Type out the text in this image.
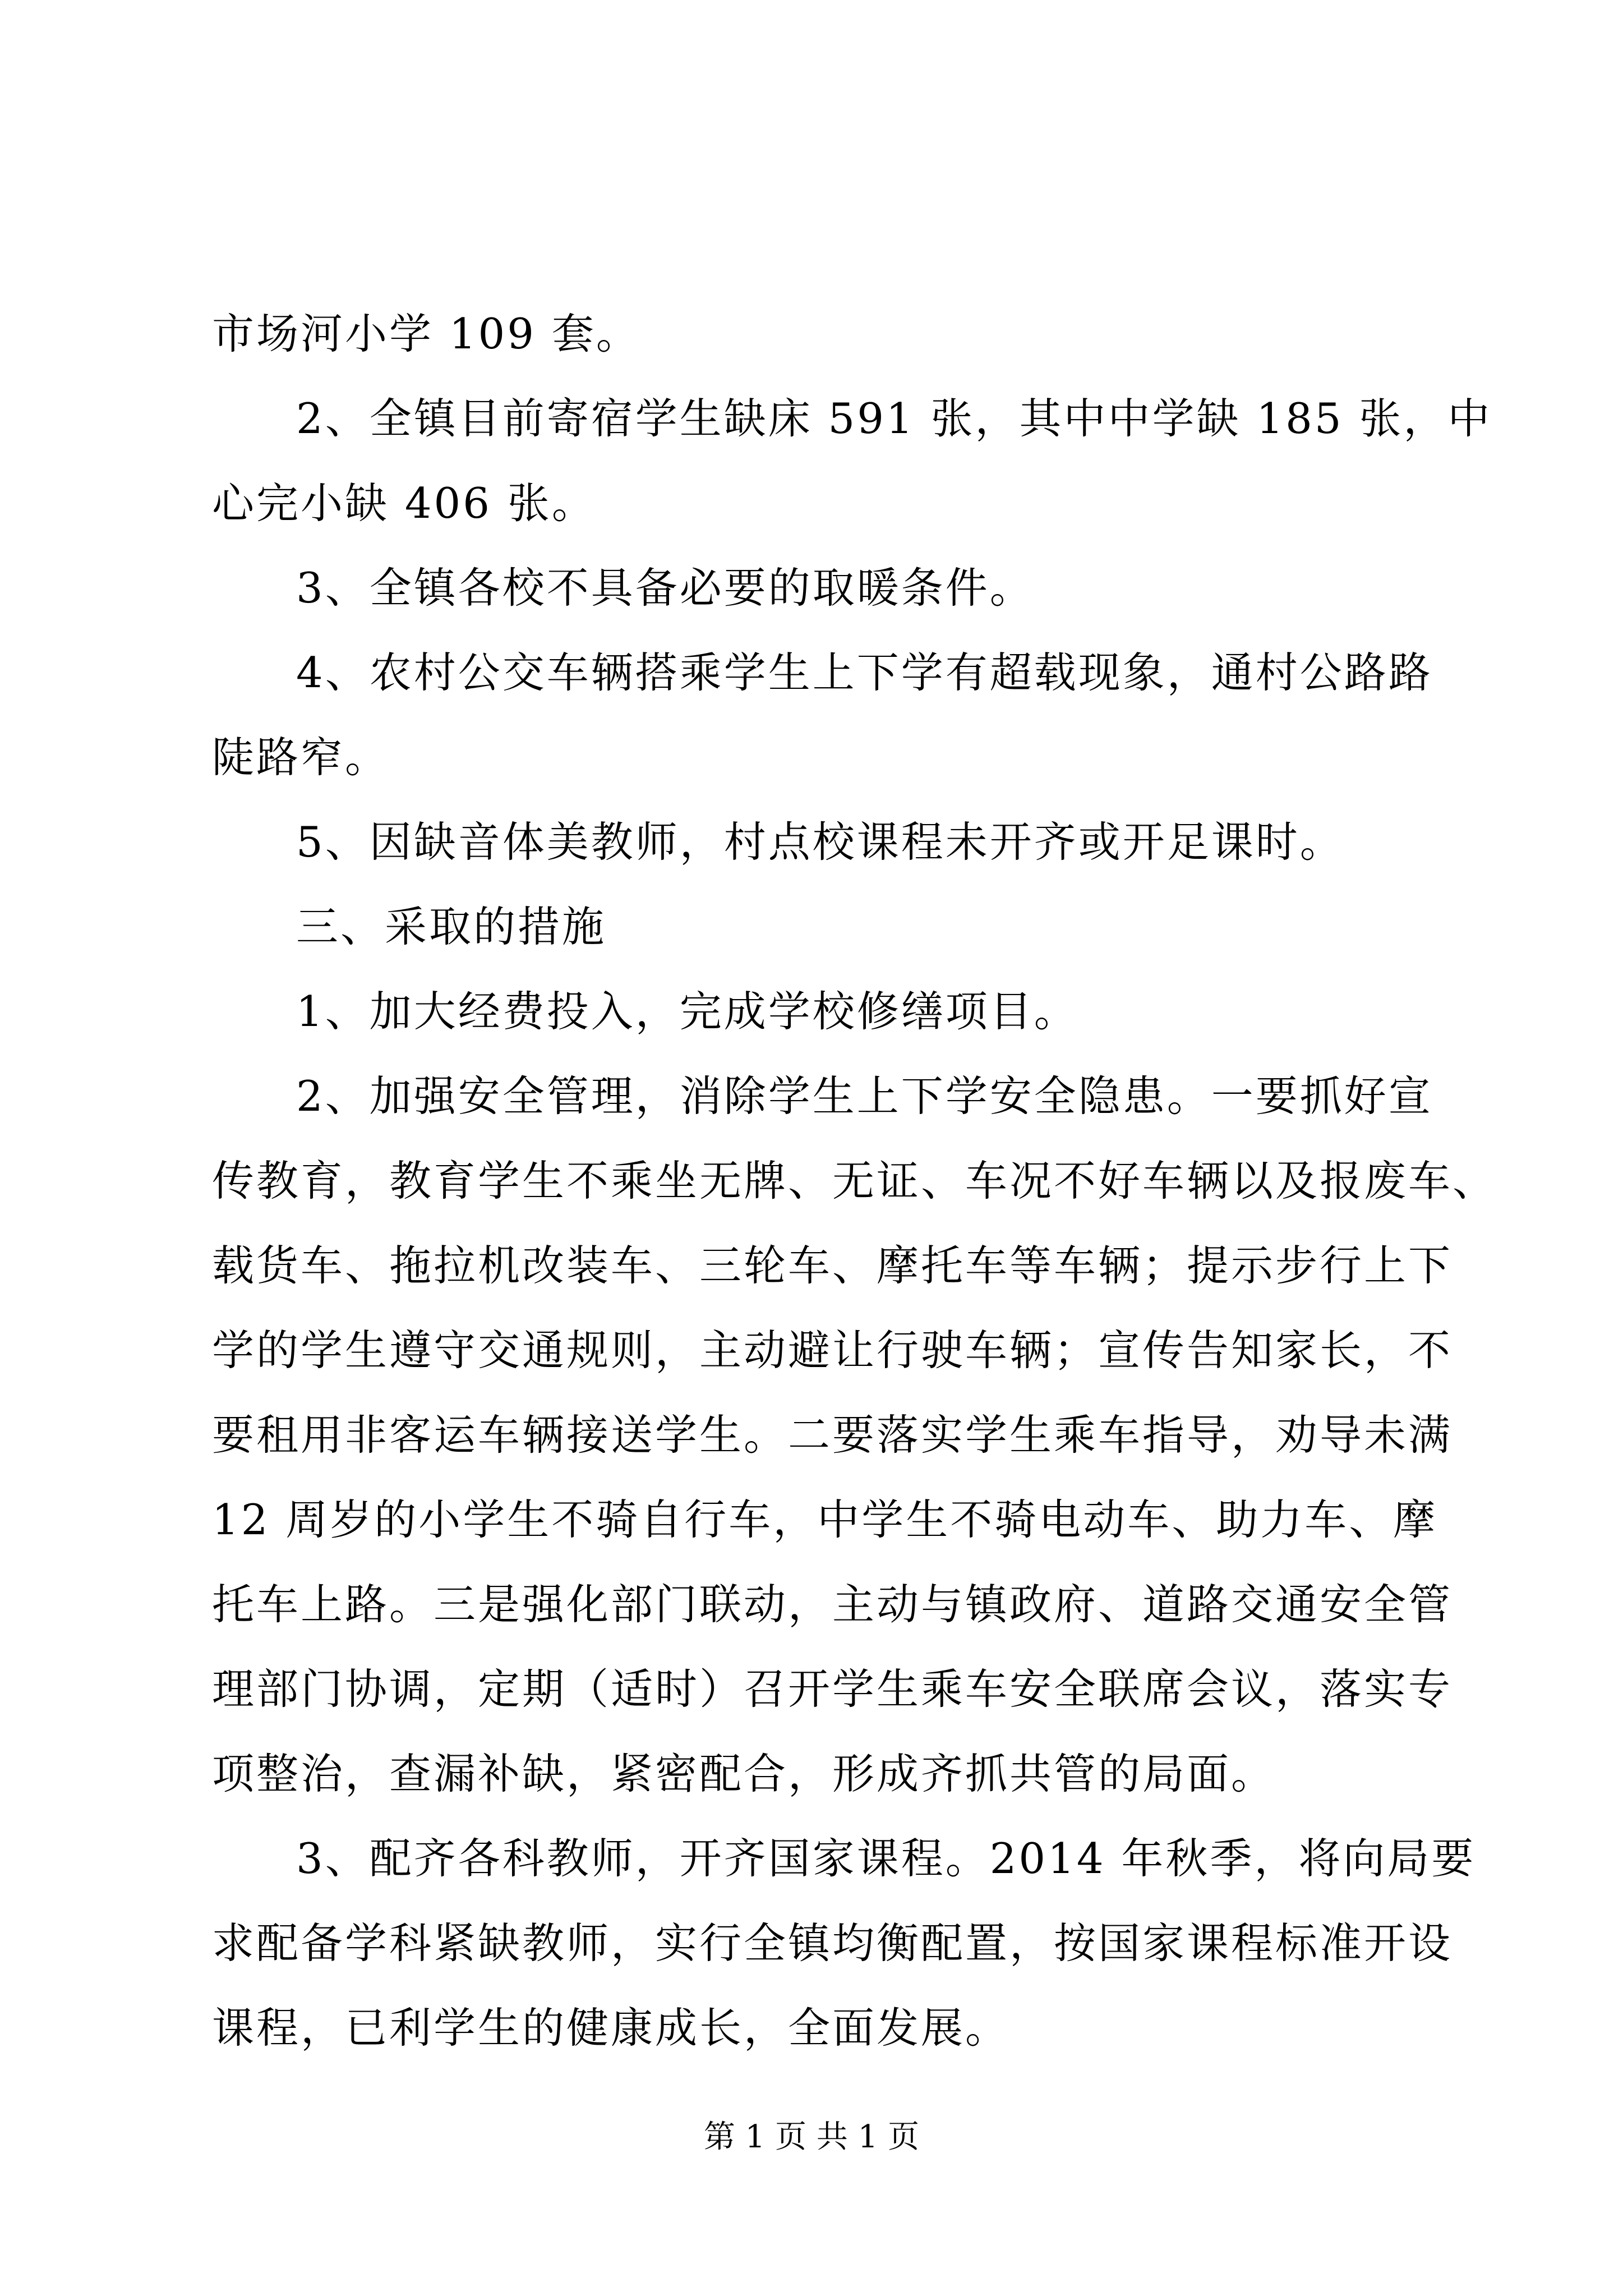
市场河小学 109 套。
2、全镇目前寄宿学生缺床 591 张，其中中学缺 185 张，中
心完小缺 406 张。
3、全镇各校不具备必要的取暖条件。
4、农村公交车辆搭乘学生上下学有超载现象，通村公路路
陡路窄。
5、因缺音体美教师，村点校课程未开齐或开足课时。
三、采取的措施
1、加大经费投入，完成学校修缮项目。
2、加强安全管理，消除学生上下学安全隐患。一要抓好宣
传教育，教育学生不乘坐无牌、无证、车况不好车辆以及报废车、
载货车、拖拉机改装车、三轮车、摩托车等车辆；提示步行上下
学的学生遵守交通规则，主动避让行驶车辆；宣传告知家长，不
要租用非客运车辆接送学生。二要落实学生乘车指导，劝导未满
12 周岁的小学生不骑自行车，中学生不骑电动车、助力车、摩
托车上路。三是强化部门联动，主动与镇政府、道路交通安全管
理部门协调，定期（适时）召开学生乘车安全联席会议，落实专
项整治，查漏补缺，紧密配合，形成齐抓共管的局面。
3、配齐各科教师，开齐国家课程。2014 年秋季，将向局要
求配备学科紧缺教师，实行全镇均衡配置，按国家课程标准开设
课程，已利学生的健康成长，全面发展。
第 1 页 共 1 页
